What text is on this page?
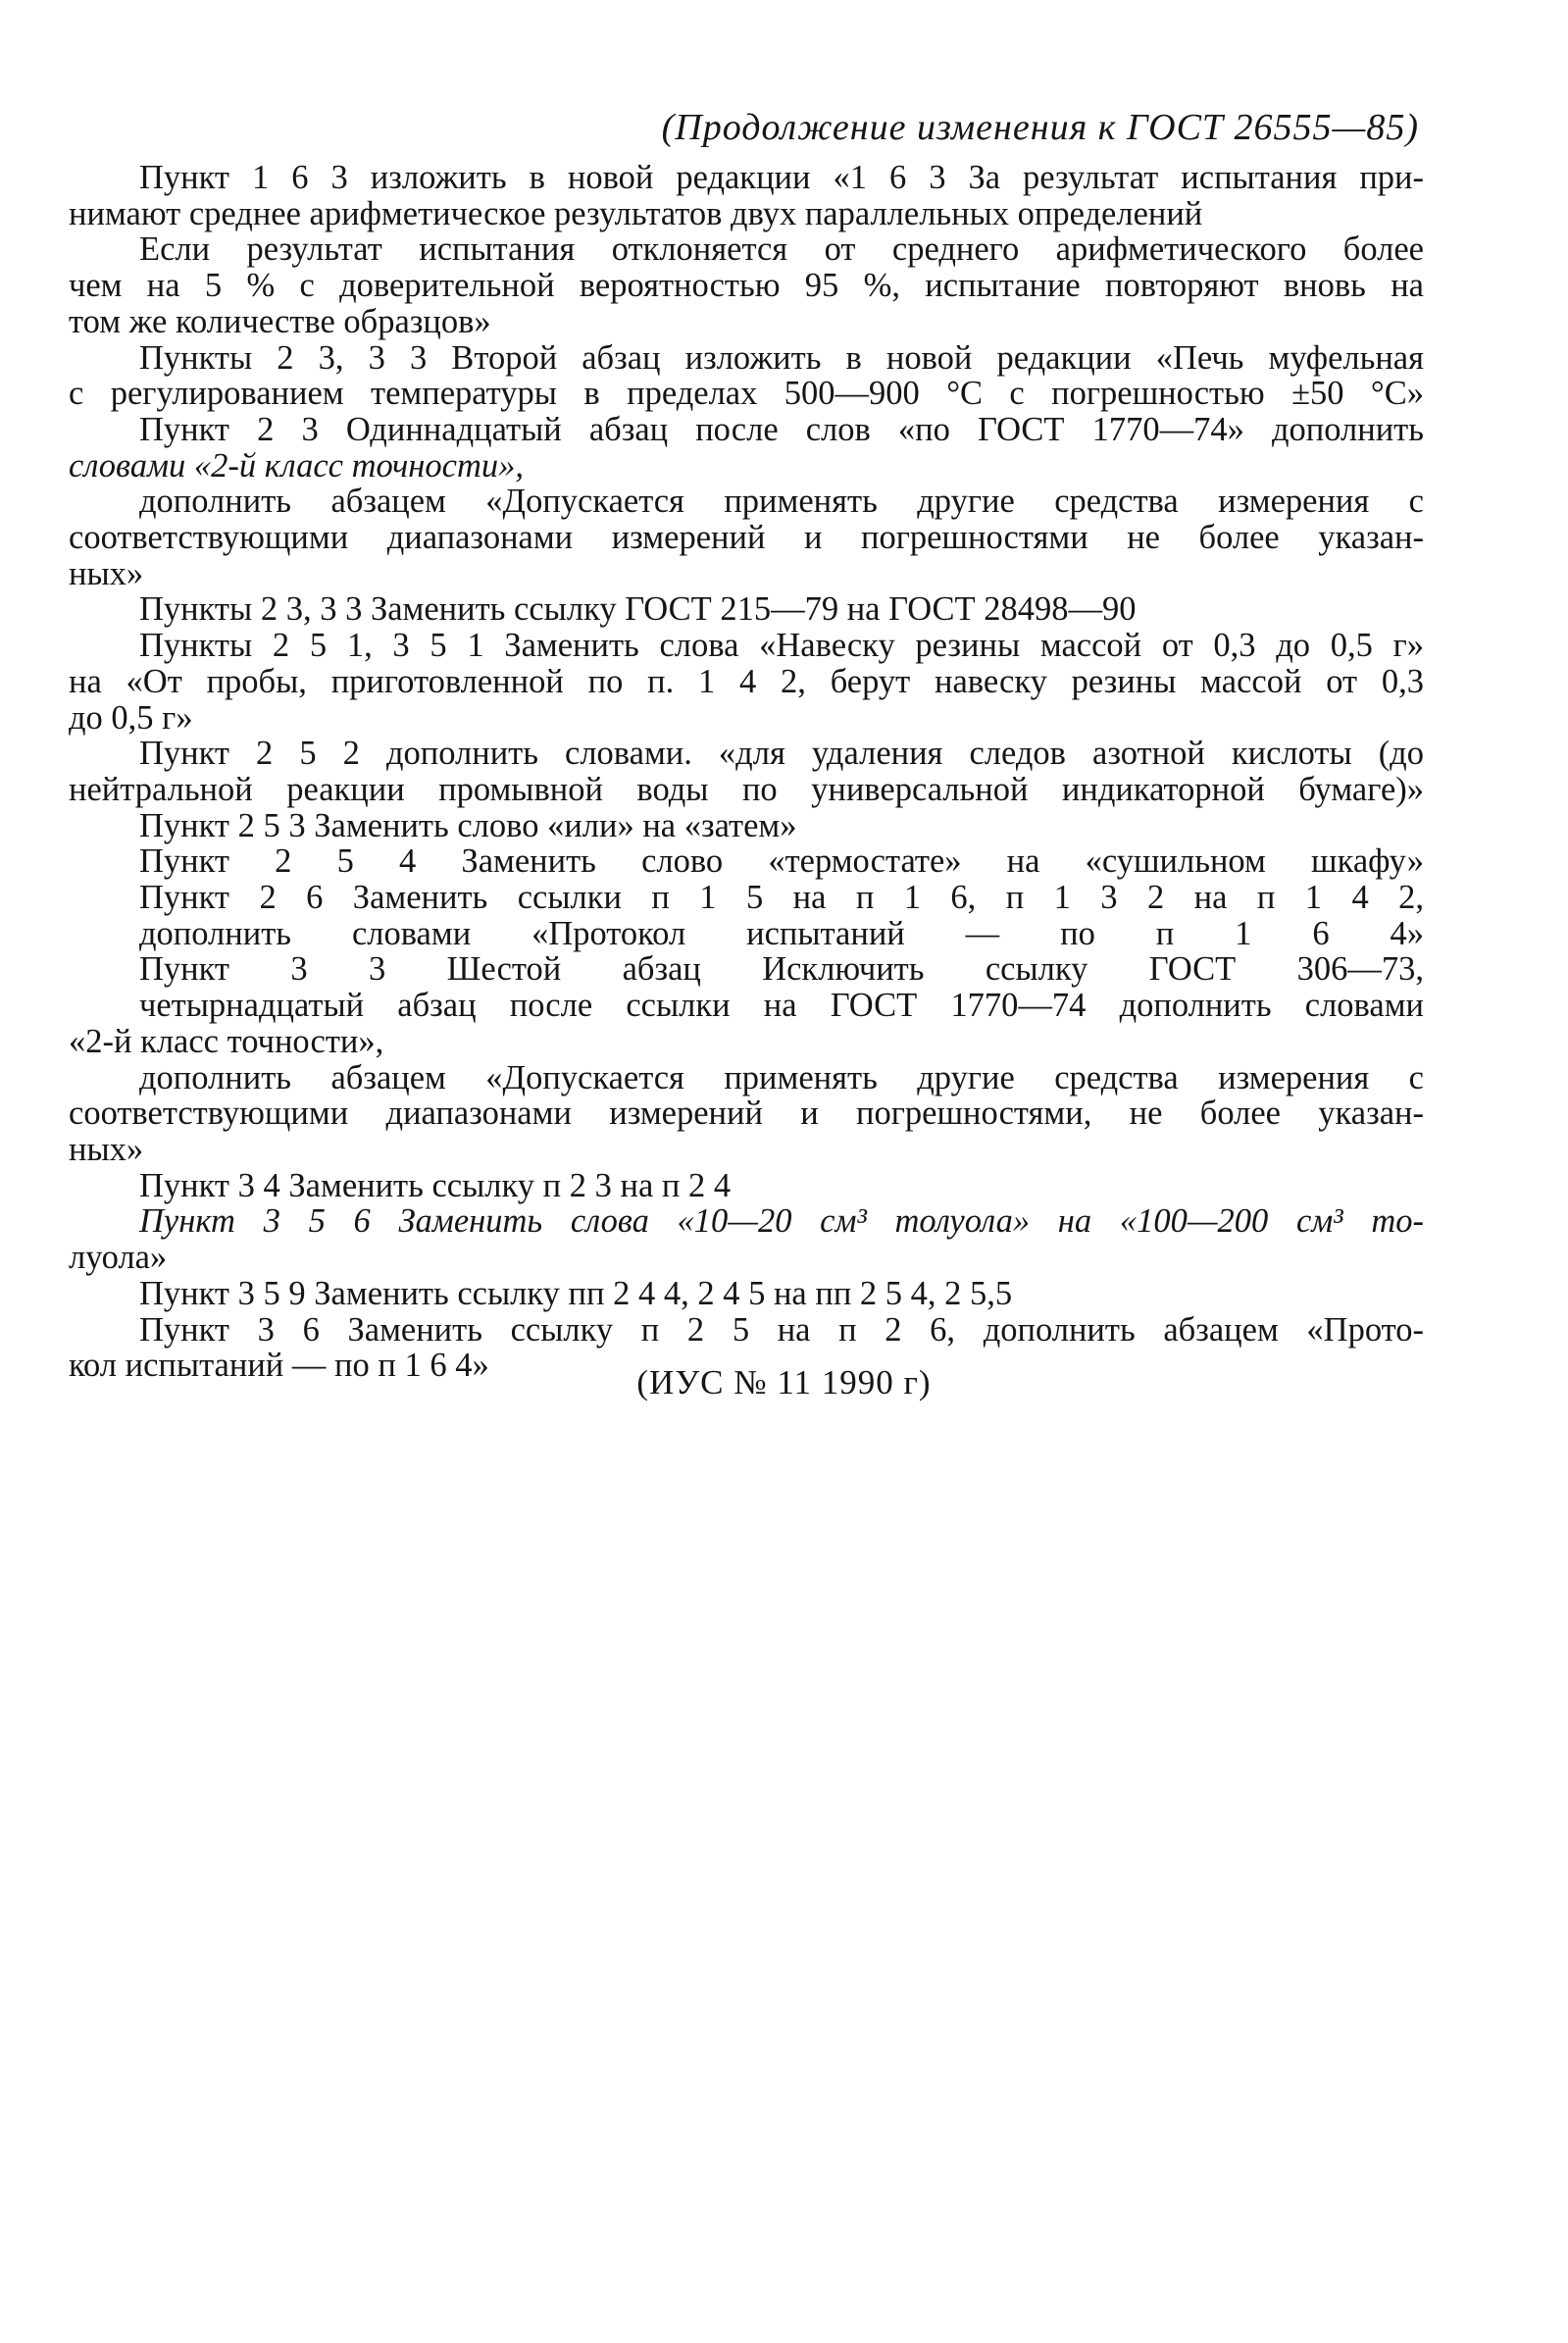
(Продолжение изменения к ГОСТ 26555—85)
Пункт 1 6 3 изложить в новой редакции «1 6 3 За результат испытания при-
нимают среднее арифметическое результатов двух параллельных определений
Если результат испытания отклоняется от среднего арифметического более
чем на 5 % с доверительной вероятностью 95 %, испытание повторяют вновь на
том же количестве образцов»
Пункты 2 3, 3 3 Второй абзац изложить в новой редакции «Печь муфельная
с регулированием температуры в пределах 500—900 °С с погрешностью ±50 °С»
Пункт 2 3 Одиннадцатый абзац после слов «по ГОСТ 1770—74» дополнить
словами «2-й класс точности»,
дополнить абзацем «Допускается применять другие средства измерения с
соответствующими диапазонами измерений и погрешностями не более указан-
ных»
Пункты 2 3, 3 3 Заменить ссылку ГОСТ 215—79 на ГОСТ 28498—90
Пункты 2 5 1, 3 5 1 Заменить слова «Навеску резины массой от 0,3 до 0,5 г»
на «От пробы, приготовленной по п. 1 4 2, берут навеску резины массой от 0,3
до 0,5 г»
Пункт 2 5 2 дополнить словами. «для удаления следов азотной кислоты (до
нейтральной реакции промывной воды по универсальной индикаторной бумаге)»
Пункт 2 5 3 Заменить слово «или» на «затем»
Пункт 2 5 4 Заменить слово «термостате» на «сушильном шкафу»
Пункт 2 6 Заменить ссылки п 1 5 на п 1 6, п 1 3 2 на п 1 4 2,
дополнить словами «Протокол испытаний — по п 1 6 4»
Пункт 3 3 Шестой абзац Исключить ссылку ГОСТ 306—73,
четырнадцатый абзац после ссылки на ГОСТ 1770—74 дополнить словами
«2-й класс точности»,
дополнить абзацем «Допускается применять другие средства измерения с
соответствующими диапазонами измерений и погрешностями, не более указан-
ных»
Пункт 3 4 Заменить ссылку п 2 3 на п 2 4
Пункт 3 5 6 Заменить слова «10—20 см³ толуола» на «100—200 см³ то-
луола»
Пункт 3 5 9 Заменить ссылку пп 2 4 4, 2 4 5 на пп 2 5 4, 2 5,5
Пункт 3 6 Заменить ссылку п 2 5 на п 2 6, дополнить абзацем «Прото-
кол испытаний — по п 1 6 4»	(ИУС № 11 1990 г)
